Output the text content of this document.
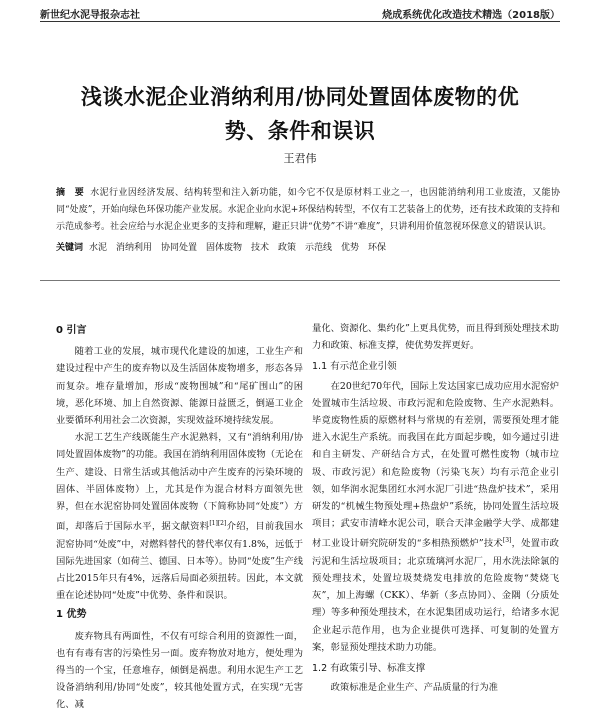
新世纪水泥导报杂志社	烧成系统优化改造技术精选（2018版）
浅谈水泥企业消纳利用/协同处置固体废物的优势、条件和误识
王君伟

摘　要 水泥行业因经济发展、结构转型和注入新功能，如今它不仅是原材料工业之一，也因能消纳利用工业废渣，又能协同“处废”，开始向绿色环保功能产业发展。水泥企业向水泥+环保结构转型，不仅有工艺装备上的优势，还有技术政策的支持和示范成参考。社会应给与水泥企业更多的支持和理解，避正只讲“优势”不讲“难度”，只讲利用价值忽视环保意义的错误认识。

关键词 水泥　消纳利用　协同处置　固体废物　技术　政策　示范线　优势　环保

0 引言

随着工业的发展，城市现代化建设的加速，工业生产和建设过程中产生的废弃物以及生活固体废物增多，形态各异而复杂。堆存量增加，形成“废物围城”和“尾矿围山”的困境，恶化环境、加上自然资源、能源日益匮乏，倒逼工业企业要循环利用社会二次资源，实现效益环境持续发展。

水泥工艺生产线既能生产水泥熟料，又有“消纳利用/协同处置固体废物”的功能。我国在消纳利用固体废物（无论在生产、建设、日常生活或其他活动中产生废弃的污染环境的固体、半固体废物）上，尤其是作为混合材料方面领先世界，但在水泥窑协同处置固体废物（下简称协同“处废”）方面，却落后于国际水平，据文献资料[1][2]介绍，目前我国水泥窑协同“处废”中，对燃料替代的替代率仅有1.8%，远低于国际先进国家（如荷兰、德国、日本等）。协同“处废”生产线占比2015年只有4%，远落后局面必须扭转。因此，本文就重在论述协同“处废”中优势、条件和误识。

1 优势

废弃物具有两面性，不仅有可综合利用的资源性一面，也有有毒有害的污染性另一面。废弃物放对地方，便处理为得当的一个宝，任意堆存，倾倒是祸患。利用水泥生产工艺设备消纳利用/协同“处废”，较其他处置方式，在实现“无害化、减

量化、资源化、集约化”上更具优势，而且得到预处理技术助力和政策、标准支撑，使优势发挥更好。

1.1 有示范企业引领

在20世纪70年代，国际上发达国家已成功应用水泥窑炉处置城市生活垃圾、市政污泥和危险废物、生产水泥熟料。毕竟废物性质的原燃材料与常规的有差别，需要预处理才能进入水泥生产系统。而我国在此方面起步晚，如今通过引进和自主研发、产研结合方式，在处置可燃性废物（城市垃圾、市政污泥）和危险废物（污染飞灰）均有示范企业引领，如华润水泥集团红水河水泥厂引进“热盘炉技术”，采用研发的“机械生物预处理+热盘炉”系统，协同处置生活垃圾项目；武安市清峰水泥公司，联合天津金融学大学、成都建材工业设计研究院研发的“多相热预燃炉”技术[3]，处置市政污泥和生活垃圾项目；北京琉璃河水泥厂，用水洗法除氯的预处理技术，处置垃圾焚烧发电排放的危险废物“焚烧飞灰”，加上海螺（CKK）、华新（多点协同）、金隅（分质处理）等多种预处理技术，在水泥集团成功运行，给诸多水泥企业起示范作用，也为企业提供可选择、可复制的处置方案，彰显预处理技术助力功能。

1.2 有政策引导、标准支撑

政策标准是企业生产、产品质量的行为准
